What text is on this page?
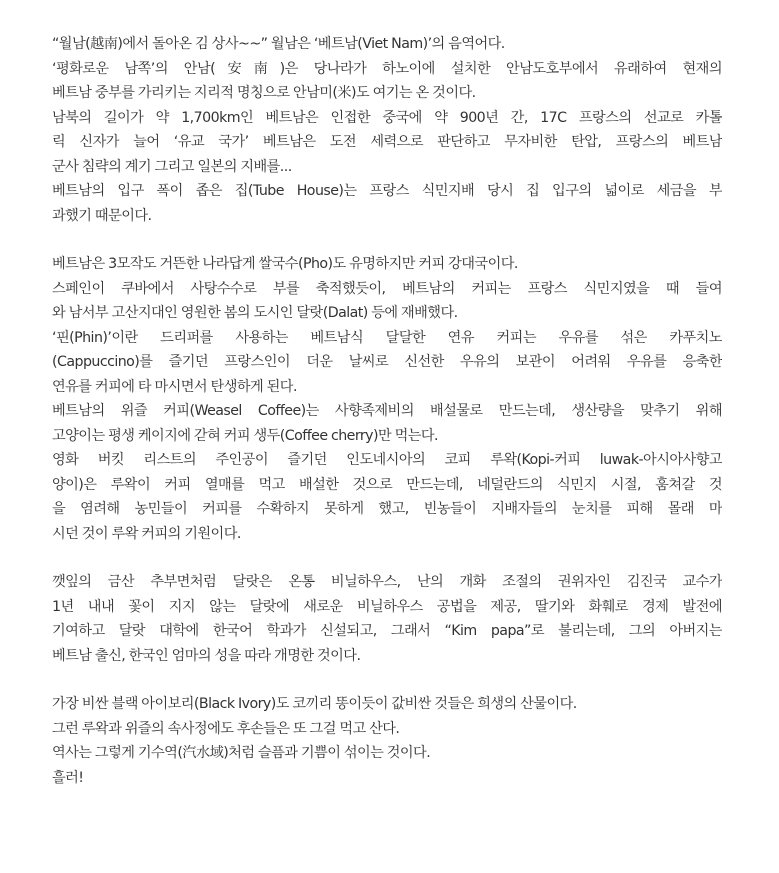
“월남(越南)에서 돌아온 김 상사~~” 월남은 ‘베트남(Viet Nam)’의 음역어다.
‘평화로운 남쪽’의 안남(安南)은 당나라가 하노이에 설치한 안남도호부에서 유래하여 현재의
베트남 중부를 가리키는 지리적 명칭으로 안남미(米)도 여기는 온 것이다.
남북의 길이가 약 1,700km인 베트남은 인접한 중국에 약 900년 간, 17C 프랑스의 선교로 카톨
릭 신자가 늘어 ‘유교 국가’ 베트남은 도전 세력으로 판단하고 무자비한 탄압, 프랑스의 베트남
군사 침략의 계기 그리고 일본의 지배를...
베트남의 입구 폭이 좁은 집(Tube House)는 프랑스 식민지배 당시 집 입구의 넓이로 세금을 부
과했기 때문이다.
베트남은 3모작도 거뜬한 나라답게 쌀국수(Pho)도 유명하지만 커피 강대국이다.
스페인이 쿠바에서 사탕수수로 부를 축적했듯이, 베트남의 커피는 프랑스 식민지였을 때 들여
와 남서부 고산지대인 영원한 봄의 도시인 달랏(Dalat) 등에 재배했다.
‘핀(Phin)’이란 드리퍼를 사용하는 베트남식 달달한 연유 커피는 우유를 섞은 카푸치노
(Cappuccino)를 즐기던 프랑스인이 더운 날씨로 신선한 우유의 보관이 어려워 우유를 응축한
연유를 커피에 타 마시면서 탄생하게 된다.
베트남의 위즐 커피(Weasel Coffee)는 사향족제비의 배설물로 만드는데, 생산량을 맞추기 위해
고양이는 평생 케이지에 갇혀 커피 생두(Coffee cherry)만 먹는다.
영화 버킷 리스트의 주인공이 즐기던 인도네시아의 코피 루왁(Kopi-커피 luwak-아시아사향고
양이)은 루왁이 커피 열매를 먹고 배설한 것으로 만드는데, 네덜란드의 식민지 시절, 훔쳐갈 것
을 염려해 농민들이 커피를 수확하지 못하게 했고, 빈농들이 지배자들의 눈치를 피해 몰래 마
시던 것이 루왁 커피의 기원이다.
깻잎의 금산 추부면처럼 달랏은 온통 비닐하우스, 난의 개화 조절의 권위자인 김진국 교수가
1년 내내 꽃이 지지 않는 달랏에 새로운 비닐하우스 공법을 제공, 딸기와 화훼로 경제 발전에
기여하고 달랏 대학에 한국어 학과가 신설되고, 그래서 “Kim papa”로 불리는데, 그의 아버지는
베트남 출신, 한국인 엄마의 성을 따라 개명한 것이다.
가장 비싼 블랙 아이보리(Black Ivory)도 코끼리 똥이듯이 값비싼 것들은 희생의 산물이다.
그런 루왁과 위즐의 속사정에도 후손들은 또 그걸 먹고 산다.
역사는 그렇게 기수역(汽水域)처럼 슬픔과 기쁨이 섞이는 것이다.
흘러!
